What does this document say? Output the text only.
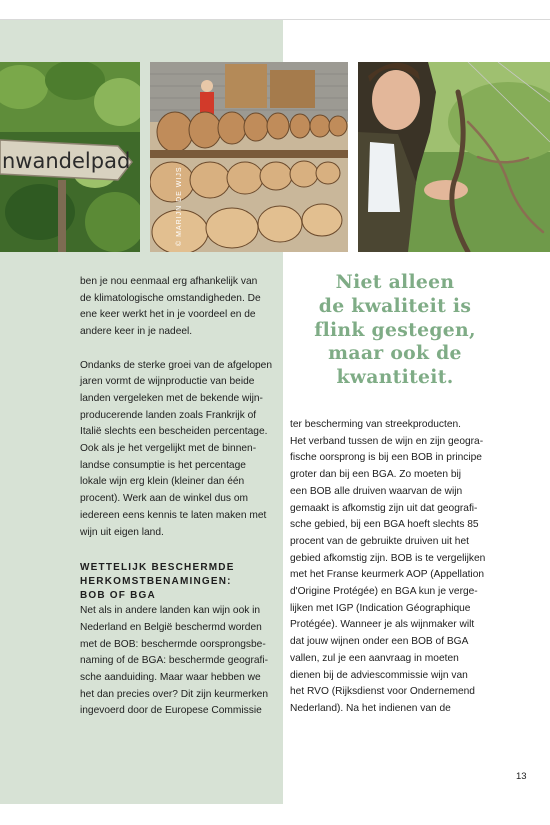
nwandelpad
© MARIJN DE WIJS
Niet alleen
de kwaliteit is
flink gestegen,
maar ook de
kwantiteit.

ben je nou eenmaal erg afhankelijk van
de klimatologische omstandigheden. De
ene keer werkt het in je voordeel en de
andere keer in je nadeel.

Ondanks de sterke groei van de afgelopen
jaren vormt de wijnproductie van beide
landen vergeleken met de bekende wijn-
producerende landen zoals Frankrijk of
Italië slechts een bescheiden percentage.
Ook als je het vergelijkt met de binnen-
landse consumptie is het percentage
lokale wijn erg klein (kleiner dan één
procent). Werk aan de winkel dus om
iedereen eens kennis te laten maken met
wijn uit eigen land.

WETTELIJK BESCHERMDE
HERKOMSTBENAMINGEN:
BOB OF BGA

Net als in andere landen kan wijn ook in
Nederland en België beschermd worden
met de BOB: beschermde oorsprongsbe-
naming of de BGA: beschermde geografi-
sche aanduiding. Maar waar hebben we
het dan precies over? Dit zijn keurmerken
ingevoerd door de Europese Commissie

ter bescherming van streekproducten.
Het verband tussen de wijn en zijn geogra-
fische oorsprong is bij een BOB in principe
groter dan bij een BGA. Zo moeten bij
een BOB alle druiven waarvan de wijn
gemaakt is afkomstig zijn uit dat geografi-
sche gebied, bij een BGA hoeft slechts 85
procent van de gebruikte druiven uit het
gebied afkomstig zijn. BOB is te vergelijken
met het Franse keurmerk AOP (Appellation
d'Origine Protégée) en BGA kun je verge-
lijken met IGP (Indication Géographique
Protégée). Wanneer je als wijnmaker wilt
dat jouw wijnen onder een BOB of BGA
vallen, zul je een aanvraag in moeten
dienen bij de adviescommissie wijn van
het RVO (Rijksdienst voor Ondernemend
Nederland). Na het indienen van de

13
